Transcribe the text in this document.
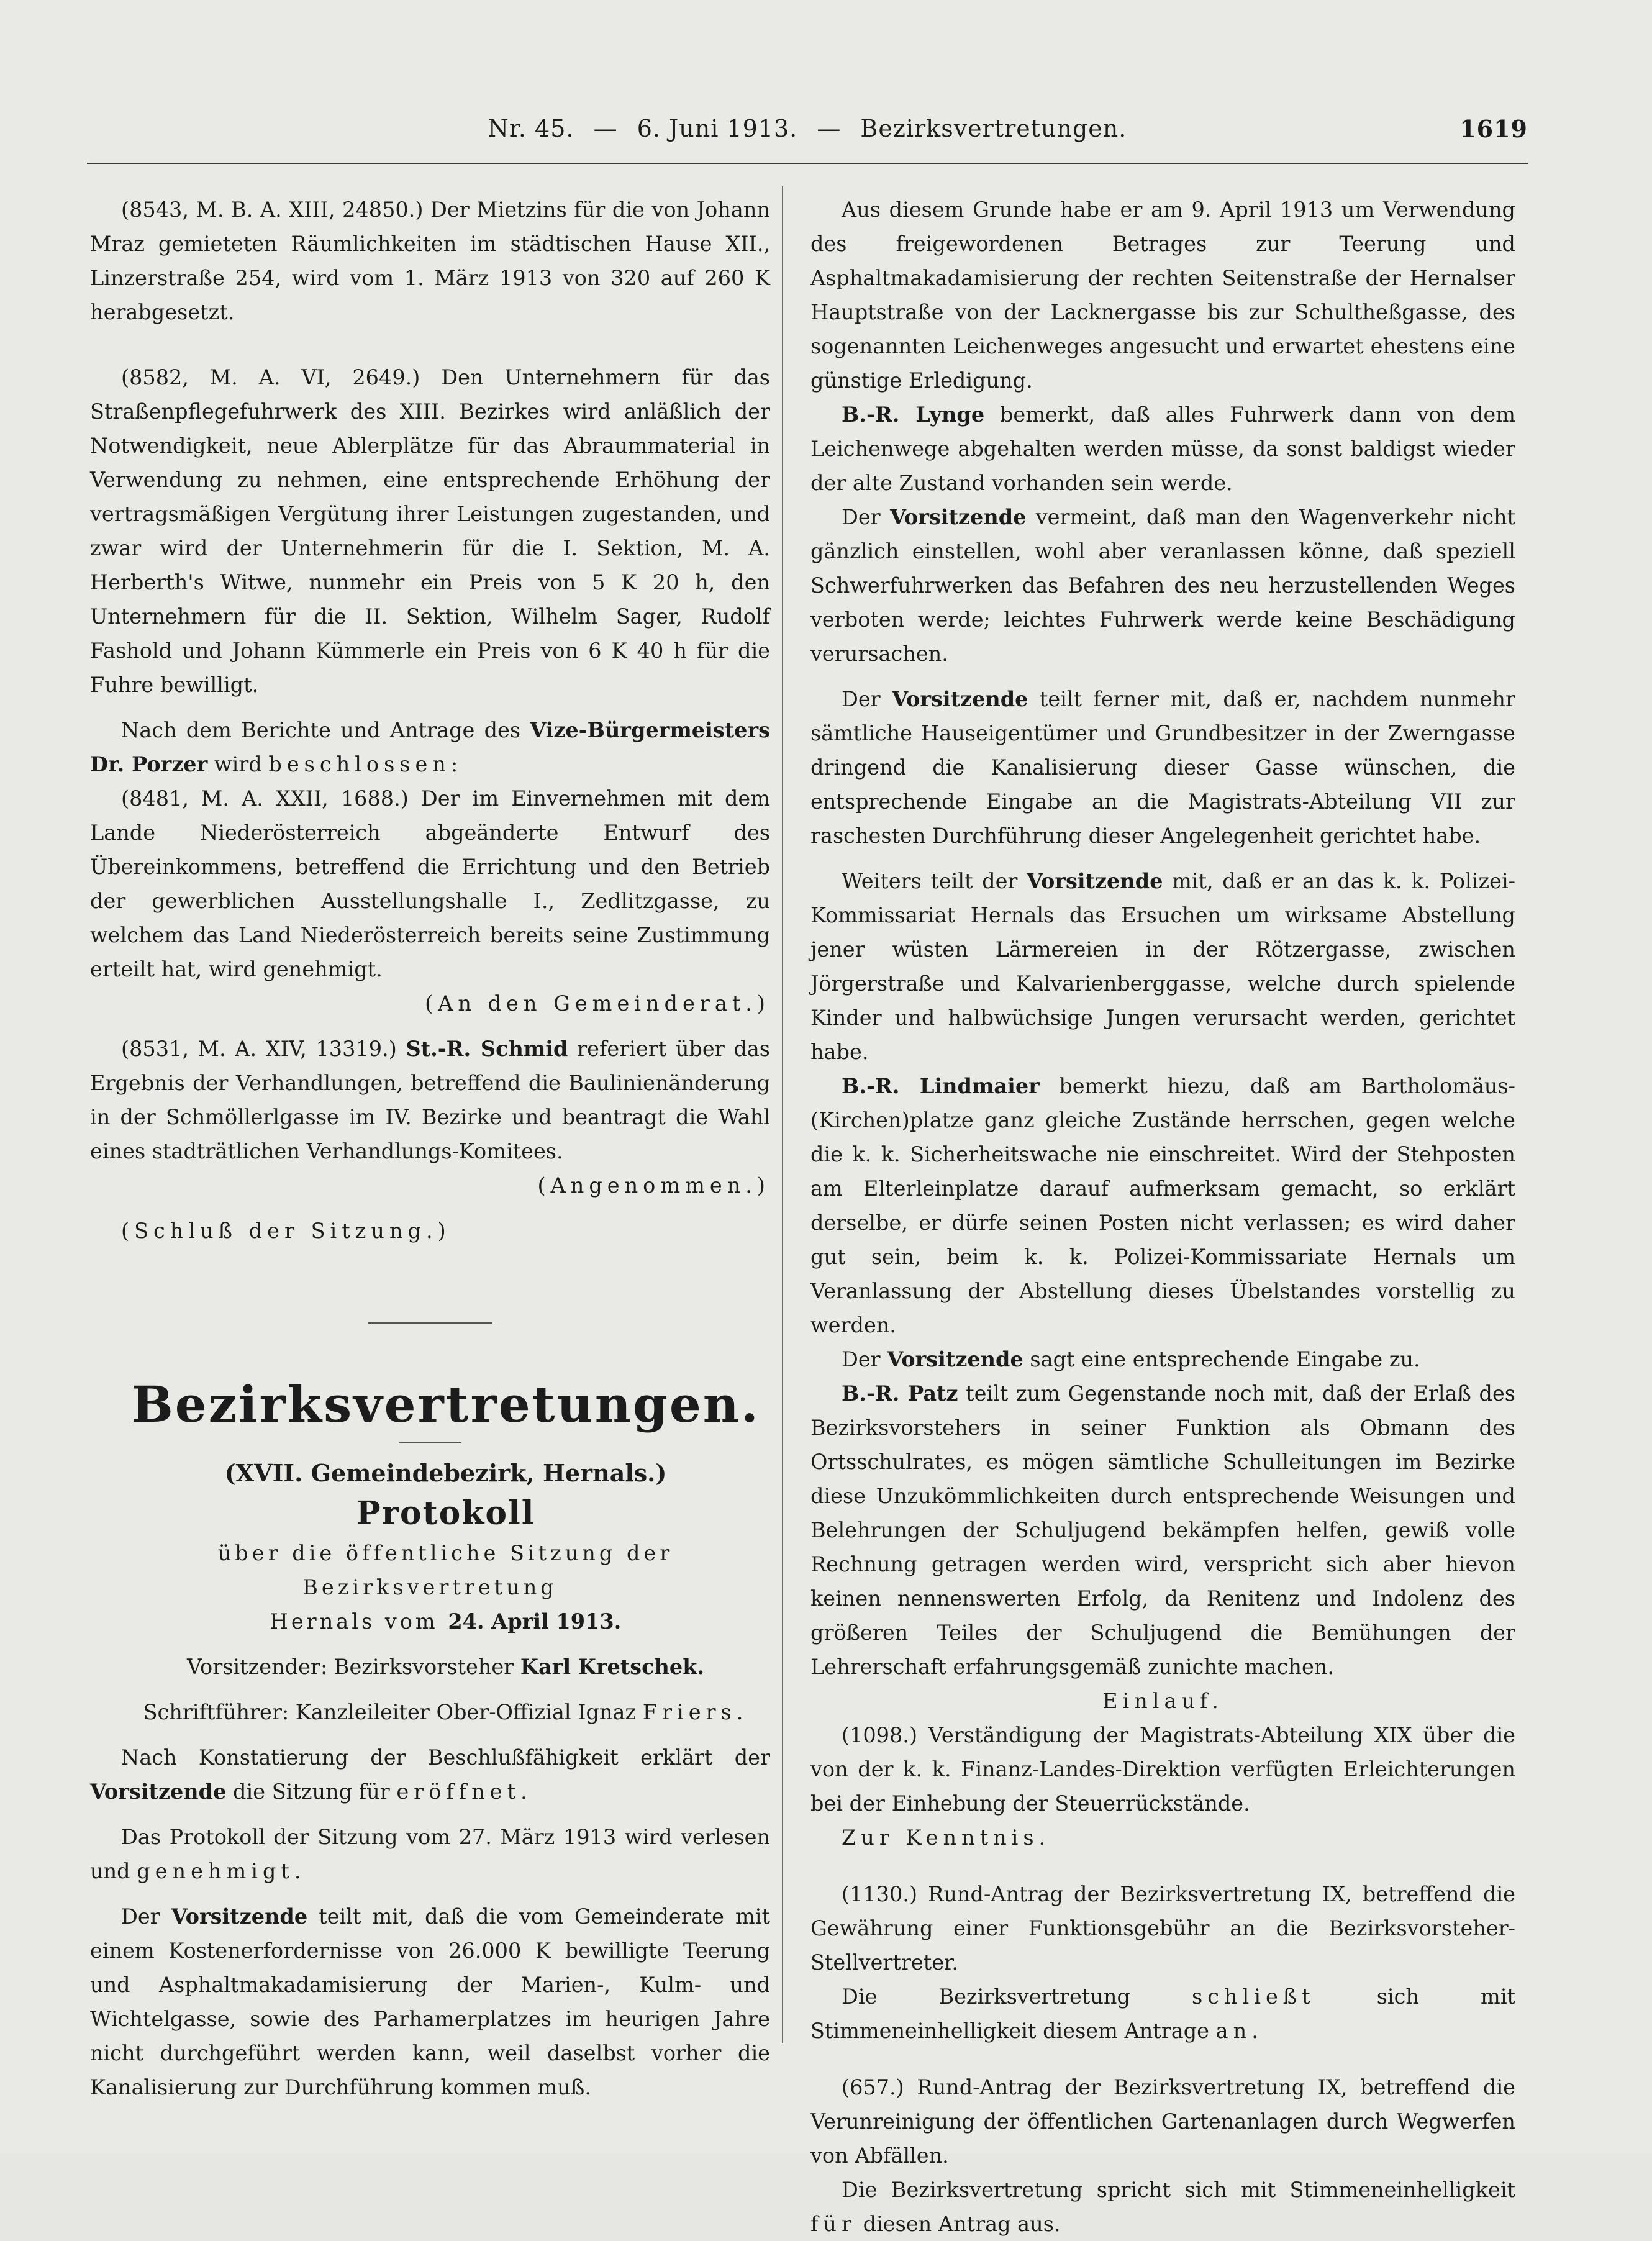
Nr. 45. — 6. Juni 1913. — Bezirksvertretungen.	1619

(8543, M. B. A. XIII, 24850.) Der Mietzins für die von Johann Mraz gemieteten Räumlichkeiten im städtischen Hause XII., Linzerstraße 254, wird vom 1. März 1913 von 320 auf 260 K herabgesetzt.

(8582, M. A. VI, 2649.) Den Unternehmern für das Straßenpflegefuhrwerk des XIII. Bezirkes wird anläßlich der Notwendigkeit, neue Ablerplätze für das Abraummaterial in Verwendung zu nehmen, eine entsprechende Erhöhung der vertragsmäßigen Vergütung ihrer Leistungen zugestanden, und zwar wird der Unternehmerin für die I. Sektion, M. A. Herberth's Witwe, nunmehr ein Preis von 5 K 20 h, den Unternehmern für die II. Sektion, Wilhelm Sager, Rudolf Fashold und Johann Kümmerle ein Preis von 6 K 40 h für die Fuhre bewilligt.

Nach dem Berichte und Antrage des Vize-Bürgermeisters Dr. Porzer wird beschlossen:

(8481, M. A. XXII, 1688.) Der im Einvernehmen mit dem Lande Niederösterreich abgeänderte Entwurf des Übereinkommens, betreffend die Errichtung und den Betrieb der gewerblichen Ausstellungshalle I., Zedlitzgasse, zu welchem das Land Niederösterreich bereits seine Zustimmung erteilt hat, wird genehmigt.

(An den Gemeinderat.)

(8531, M. A. XIV, 13319.) St.-R. Schmid referiert über das Ergebnis der Verhandlungen, betreffend die Baulinienänderung in der Schmöllerlgasse im IV. Bezirke und beantragt die Wahl eines stadträtlichen Verhandlungs-Komitees.

(Angenommen.)

(Schluß der Sitzung.)

Bezirksvertretungen.

(XVII. Gemeindebezirk, Hernals.)

Protokoll

über die öffentliche Sitzung der Bezirksvertretung

Hernals vom 24. April 1913.

Vorsitzender: Bezirksvorsteher Karl Kretschek.

Schriftführer: Kanzleileiter Ober-Offizial Ignaz Friers.

Nach Konstatierung der Beschlußfähigkeit erklärt der Vorsitzende die Sitzung für eröffnet.

Das Protokoll der Sitzung vom 27. März 1913 wird verlesen und genehmigt.

Der Vorsitzende teilt mit, daß die vom Gemeinderate mit einem Kostenerfordernisse von 26.000 K bewilligte Teerung und Asphaltmakadamisierung der Marien-, Kulm- und Wichtelgasse, sowie des Parhamerplatzes im heurigen Jahre nicht durchgeführt werden kann, weil daselbst vorher die Kanalisierung zur Durchführung kommen muß.

Aus diesem Grunde habe er am 9. April 1913 um Verwendung des freigewordenen Betrages zur Teerung und Asphaltmakadamisierung der rechten Seitenstraße der Hernalser Hauptstraße von der Lacknergasse bis zur Schultheßgasse, des sogenannten Leichenweges angesucht und erwartet ehestens eine günstige Erledigung.

B.-R. Lynge bemerkt, daß alles Fuhrwerk dann von dem Leichenwege abgehalten werden müsse, da sonst baldigst wieder der alte Zustand vorhanden sein werde.

Der Vorsitzende vermeint, daß man den Wagenverkehr nicht gänzlich einstellen, wohl aber veranlassen könne, daß speziell Schwerfuhrwerken das Befahren des neu herzustellenden Weges verboten werde; leichtes Fuhrwerk werde keine Beschädigung verursachen.

Der Vorsitzende teilt ferner mit, daß er, nachdem nunmehr sämtliche Hauseigentümer und Grundbesitzer in der Zwerngasse dringend die Kanalisierung dieser Gasse wünschen, die entsprechende Eingabe an die Magistrats-Abteilung VII zur raschesten Durchführung dieser Angelegenheit gerichtet habe.

Weiters teilt der Vorsitzende mit, daß er an das k. k. Polizei-Kommissariat Hernals das Ersuchen um wirksame Abstellung jener wüsten Lärmereien in der Rötzergasse, zwischen Jörgerstraße und Kalvarienberggasse, welche durch spielende Kinder und halbwüchsige Jungen verursacht werden, gerichtet habe.

B.-R. Lindmaier bemerkt hiezu, daß am Bartholomäus-(Kirchen)platze ganz gleiche Zustände herrschen, gegen welche die k. k. Sicherheitswache nie einschreitet. Wird der Stehposten am Elterleinplatze darauf aufmerksam gemacht, so erklärt derselbe, er dürfe seinen Posten nicht verlassen; es wird daher gut sein, beim k. k. Polizei-Kommissariate Hernals um Veranlassung der Abstellung dieses Übelstandes vorstellig zu werden.

Der Vorsitzende sagt eine entsprechende Eingabe zu.

B.-R. Patz teilt zum Gegenstande noch mit, daß der Erlaß des Bezirksvorstehers in seiner Funktion als Obmann des Ortsschulrates, es mögen sämtliche Schulleitungen im Bezirke diese Unzukömmlichkeiten durch entsprechende Weisungen und Belehrungen der Schuljugend bekämpfen helfen, gewiß volle Rechnung getragen werden wird, verspricht sich aber hievon keinen nennenswerten Erfolg, da Renitenz und Indolenz des größeren Teiles der Schuljugend die Bemühungen der Lehrerschaft erfahrungsgemäß zunichte machen.

Einlauf.

(1098.) Verständigung der Magistrats-Abteilung XIX über die von der k. k. Finanz-Landes-Direktion verfügten Erleichterungen bei der Einhebung der Steuerrückstände.

Zur Kenntnis.

(1130.) Rund-Antrag der Bezirksvertretung IX, betreffend die Gewährung einer Funktionsgebühr an die Bezirksvorsteher-Stellvertreter.

Die Bezirksvertretung schließt sich mit Stimmeneinhelligkeit diesem Antrage an.

(657.) Rund-Antrag der Bezirksvertretung IX, betreffend die Verunreinigung der öffentlichen Gartenanlagen durch Wegwerfen von Abfällen.

Die Bezirksvertretung spricht sich mit Stimmeneinhelligkeit für diesen Antrag aus.
